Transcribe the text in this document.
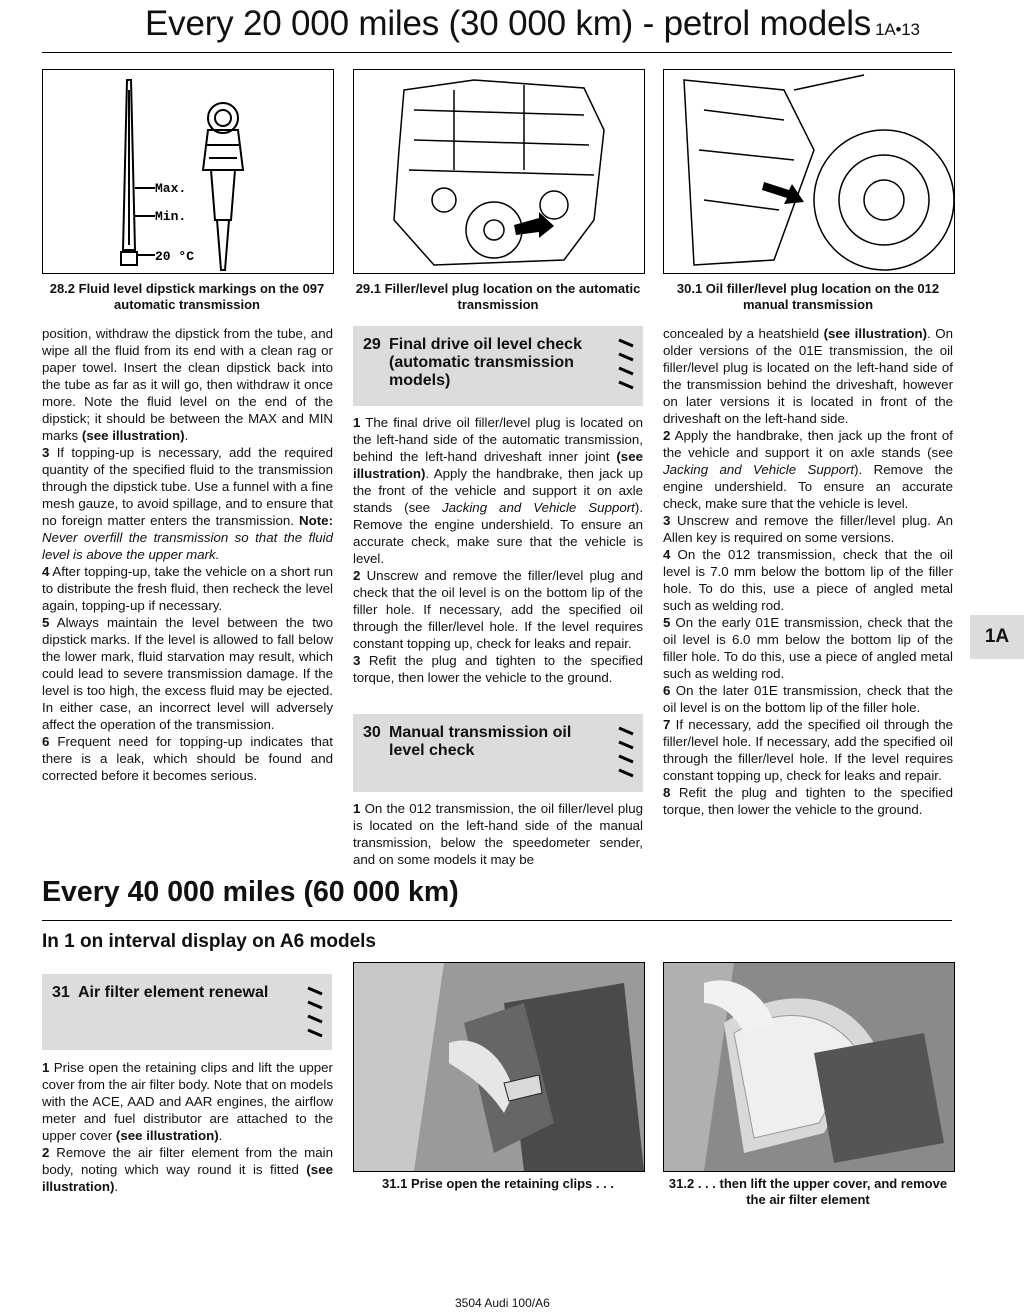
Every 20 000 miles (30 000 km) - petrol models 1A•13
Max.
Min.
20 °C
28.2 Fluid level dipstick markings on the 097 automatic transmission
29.1 Filler/level plug location on the automatic transmission
30.1 Oil filler/level plug location on the 012 manual transmission

position, withdraw the dipstick from the tube, and wipe all the fluid from its end with a clean rag or paper towel. Insert the clean dipstick back into the tube as far as it will go, then withdraw it once more. Note the fluid level on the end of the dipstick; it should be between the MAX and MIN marks (see illustration).

3 If topping-up is necessary, add the required quantity of the specified fluid to the transmission through the dipstick tube. Use a funnel with a fine mesh gauze, to avoid spillage, and to ensure that no foreign matter enters the transmission. Note: Never overfill the transmission so that the fluid level is above the upper mark.

4 After topping-up, take the vehicle on a short run to distribute the fresh fluid, then recheck the level again, topping-up if necessary.

5 Always maintain the level between the two dipstick marks. If the level is allowed to fall below the lower mark, fluid starvation may result, which could lead to severe transmission damage. If the level is too high, the excess fluid may be ejected. In either case, an incorrect level will adversely affect the operation of the transmission.

6 Frequent need for topping-up indicates that there is a leak, which should be found and corrected before it becomes serious.

29 Final drive oil level check (automatic transmission models)

1 The final drive oil filler/level plug is located on the left-hand side of the automatic transmission, behind the left-hand driveshaft inner joint (see illustration). Apply the handbrake, then jack up the front of the vehicle and support it on axle stands (see Jacking and Vehicle Support). Remove the engine undershield. To ensure an accurate check, make sure that the vehicle is level.

2 Unscrew and remove the filler/level plug and check that the oil level is on the bottom lip of the filler hole. If necessary, add the specified oil through the filler/level hole. If the level requires constant topping up, check for leaks and repair.

3 Refit the plug and tighten to the specified torque, then lower the vehicle to the ground.

30 Manual transmission oil level check

1 On the 012 transmission, the oil filler/level plug is located on the left-hand side of the manual transmission, below the speedometer sender, and on some models it may be

concealed by a heatshield (see illustration). On older versions of the 01E transmission, the oil filler/level plug is located on the left-hand side of the transmission behind the driveshaft, however on later versions it is located in front of the driveshaft on the left-hand side.

2 Apply the handbrake, then jack up the front of the vehicle and support it on axle stands (see Jacking and Vehicle Support). Remove the engine undershield. To ensure an accurate check, make sure that the vehicle is level.

3 Unscrew and remove the filler/level plug. An Allen key is required on some versions.

4 On the 012 transmission, check that the oil level is 7.0 mm below the bottom lip of the filler hole. To do this, use a piece of angled metal such as welding rod.

5 On the early 01E transmission, check that the oil level is 6.0 mm below the bottom lip of the filler hole. To do this, use a piece of angled metal such as welding rod.

6 On the later 01E transmission, check that the oil level is on the bottom lip of the filler hole.

7 If necessary, add the specified oil through the filler/level hole. If necessary, add the specified oil through the filler/level hole. If the level requires constant topping up, check for leaks and repair.

8 Refit the plug and tighten to the specified torque, then lower the vehicle to the ground.

1A
Every 40 000 miles (60 000 km)
In 1 on interval display on A6 models
31 Air filter element renewal

1 Prise open the retaining clips and lift the upper cover from the air filter body. Note that on models with the ACE, AAD and AAR engines, the airflow meter and fuel distributor are attached to the upper cover (see illustration).

2 Remove the air filter element from the main body, noting which way round it is fitted (see illustration).	31.1 Prise open the retaining clips . . .	31.2 . . . then lift the upper cover, and remove the air filter element
3504 Audi 100/A6
